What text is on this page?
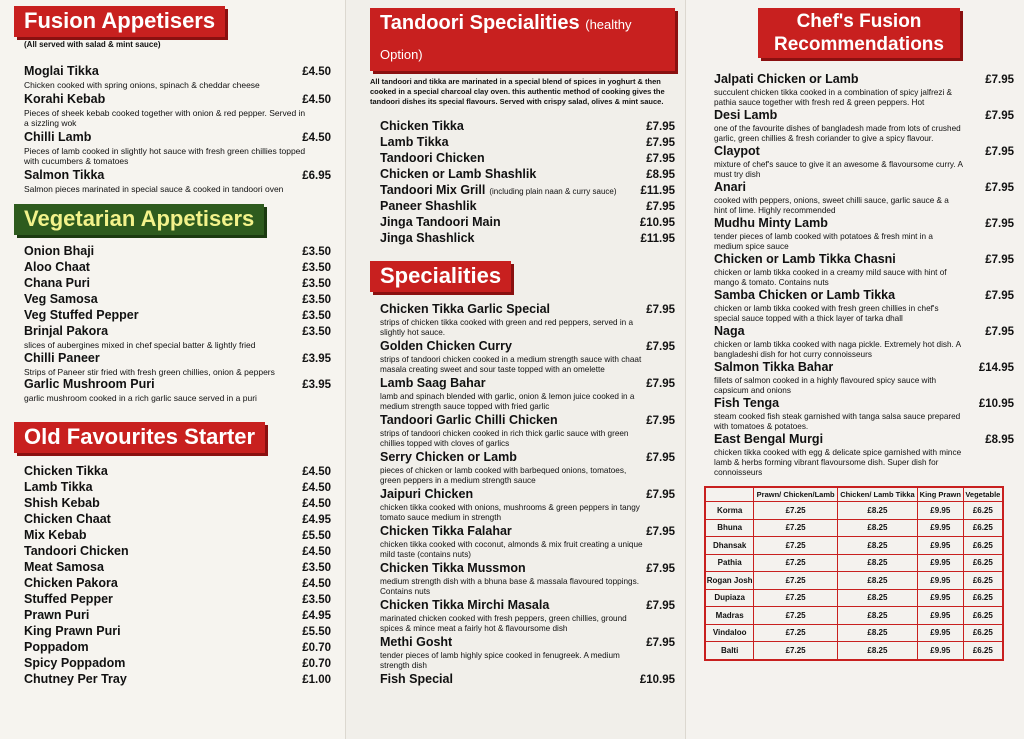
Fusion Appetisers
(All served with salad & mint sauce)
Moglai Tikka	£4.50
Chicken cooked with spring onions, spinach & cheddar cheese
Korahi Kebab	£4.50
Pieces of sheek kebab cooked together with onion & red pepper. Served in a sizzling wok
Chilli Lamb	£4.50
Pieces of lamb cooked in slightly hot sauce with fresh green chillies topped with cucumbers & tomatoes
Salmon Tikka	£6.95
Salmon pieces marinated in special sauce & cooked in tandoori oven
Vegetarian Appetisers
Onion Bhaji	£3.50
Aloo Chaat	£3.50
Chana Puri	£3.50
Veg Samosa	£3.50
Veg Stuffed Pepper	£3.50
Brinjal Pakora	£3.50
slices of aubergines mixed in chef special batter & lightly fried
Chilli Paneer	£3.95
Strips of Paneer stir fried with fresh green chillies, onion & peppers
Garlic Mushroom Puri	£3.95
garlic mushroom cooked in a rich garlic sauce served in a puri
Old Favourites Starter
Chicken Tikka	£4.50
Lamb Tikka	£4.50
Shish Kebab	£4.50
Chicken Chaat	£4.95
Mix Kebab	£5.50
Tandoori Chicken	£4.50
Meat Samosa	£3.50
Chicken Pakora	£4.50
Stuffed Pepper	£3.50
Prawn Puri	£4.95
King Prawn Puri	£5.50
Poppadom	£0.70
Spicy Poppadom	£0.70
Chutney Per Tray	£1.00
Tandoori Specialities (healthy Option)
All tandoori and tikka are marinated in a special blend of spices in yoghurt & then cooked in a special charcoal clay oven. this authentic method of cooking gives the tandoori dishes its special flavours. Served with crispy salad, olives & mint sauce.
Chicken Tikka	£7.95
Lamb Tikka	£7.95
Tandoori Chicken	£7.95
Chicken or Lamb Shashlik	£8.95
Tandoori Mix Grill (including plain naan & curry sauce) £11.95
Paneer Shashlik	£7.95
Jinga Tandoori Main	£10.95
Jinga Shashlick	£11.95
Specialities
Chicken Tikka Garlic Special	£7.95
strips of chicken tikka cooked with green and red peppers, served in a slightly hot sauce.
Golden Chicken Curry	£7.95
strips of tandoori chicken cooked in a medium strength sauce with chaat masala creating sweet and sour taste topped with an omelette
Lamb Saag Bahar	£7.95
lamb and spinach blended with garlic, onion & lemon juice cooked in a medium strength sauce topped with fried garlic
Tandoori Garlic Chilli Chicken	£7.95
strips of tandoori chicken cooked in rich thick garlic sauce with green chillies topped with cloves of garlics
Serry Chicken or Lamb	£7.95
pieces of chicken or lamb cooked with barbequed onions, tomatoes, green peppers in a medium strength sauce
Jaipuri Chicken	£7.95
chicken tikka cooked with onions, mushrooms & green peppers in tangy tomato sauce medium in strength
Chicken Tikka Falahar	£7.95
chicken tikka cooked with coconut, almonds & mix fruit creating a unique mild taste (contains nuts)
Chicken Tikka Mussmon	£7.95
medium strength dish with a bhuna base & massala flavoured toppings. Contains nuts
Chicken Tikka Mirchi Masala	£7.95
marinated chicken cooked with fresh peppers, green chillies, ground spices & mince meat a fairly hot & flavoursome dish
Methi Gosht	£7.95
tender pieces of lamb highly spice cooked in fenugreek. A medium strength dish
Fish Special	£10.95
Chef's Fusion
Recommendations
Jalpati Chicken or Lamb	£7.95
succulent chicken tikka cooked in a combination of spicy jalfrezi & pathia sauce together with fresh red & green peppers. Hot
Desi Lamb	£7.95
one of the favourite dishes of bangladesh made from lots of crushed garlic, green chillies & fresh coriander to give a spicy flavour.
Claypot	£7.95
mixture of chef's sauce to give it an awesome & flavoursome curry. A must try dish
Anari	£7.95
cooked with peppers, onions, sweet chilli sauce, garlic sauce & a hint of lime. Highly recommended
Mudhu Minty Lamb	£7.95
tender pieces of lamb cooked with potatoes & fresh mint in a medium spice sauce
Chicken or Lamb Tikka Chasni	£7.95
chicken or lamb tikka cooked in a creamy mild sauce with hint of mango & tomato. Contains nuts
Samba Chicken or Lamb Tikka	£7.95
chicken or lamb tikka cooked with fresh green chillies in chef's special sauce topped with a thick layer of tarka dhall
Naga	£7.95
chicken or lamb tikka cooked with naga pickle. Extremely hot dish. A bangladeshi dish for hot curry connoisseurs
Salmon Tikka Bahar	£14.95
fillets of salmon cooked in a highly flavoured spicy sauce with capsicum and onions
Fish Tenga	£10.95
steam cooked fish steak garnished with tanga salsa sauce prepared with tomatoes & potatoes.
East Bengal Murgi	£8.95
chicken tikka cooked with egg & delicate spice garnished with mince lamb & herbs forming vibrant flavoursome dish. Super dish for connoisseurs
	Prawn/ Chicken/Lamb	Chicken/ Lamb Tikka	King Prawn	Vegetable
Korma	£7.25	£8.25	£9.95	£6.25
Bhuna	£7.25	£8.25	£9.95	£6.25
Dhansak	£7.25	£8.25	£9.95	£6.25
Pathia	£7.25	£8.25	£9.95	£6.25
Rogan Josh	£7.25	£8.25	£9.95	£6.25
Dupiaza	£7.25	£8.25	£9.95	£6.25
Madras	£7.25	£8.25	£9.95	£6.25
Vindaloo	£7.25	£8.25	£9.95	£6.25
Balti	£7.25	£8.25	£9.95	£6.25
